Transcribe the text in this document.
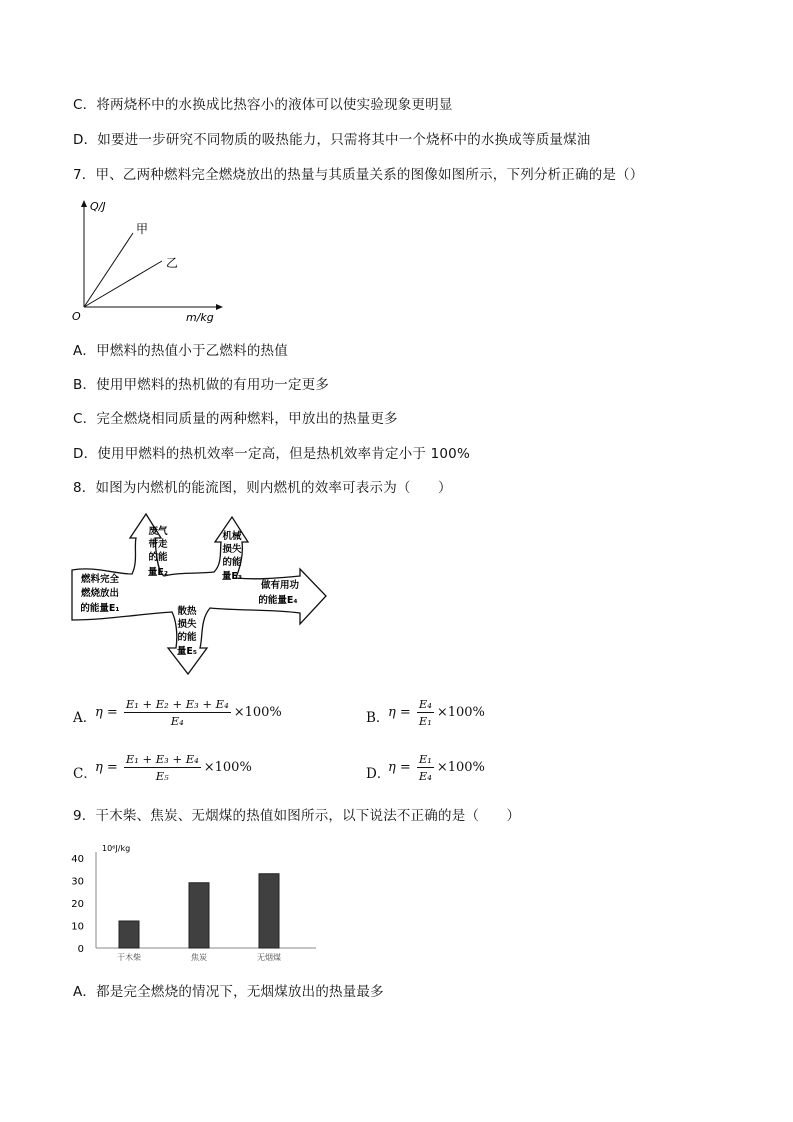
C．将两烧杯中的水换成比热容小的液体可以使实验现象更明显
D．如要进一步研究不同物质的吸热能力，只需将其中一个烧杯中的水换成等质量煤油
7．甲、乙两种燃料完全燃烧放出的热量与其质量关系的图像如图所示，下列分析正确的是（）
Q/J
甲
乙
O	m/kg
A．甲燃料的热值小于乙燃料的热值
B．使用甲燃料的热机做的有用功一定更多
C．完全燃烧相同质量的两种燃料，甲放出的热量更多
D．使用甲燃料的热机效率一定高，但是热机效率肯定小于 100%
8．如图为内燃机的能流图，则内燃机的效率可表示为（　　）
燃料完全
燃烧放出
的能量E₁
废气
带走
的能
量E₂
机械
损失
的能
量E₃
做有用功
的能量E₄
散热
损失
的能
量E₅
A．
$\eta = \frac{\text{E₁ + E₂ + E₃ + E₄}}{\text{E₄}} \times 100\%$	B．
$\eta = \frac{\text{E₄}}{\text{E₁}} \times 100\%$
C．
$\eta = \frac{\text{E₁ + E₃ + E₄}}{\text{E₅}} \times 100\%$	D．
$\eta = \frac{\text{E₁}}{\text{E₄}} \times 100\%$
9．干木柴、焦炭、无烟煤的热值如图所示，以下说法不正确的是（　　）
10⁶J/kg
0
10
20
30
40
干木柴	焦炭	无烟煤
A．都是完全燃烧的情况下，无烟煤放出的热量最多
